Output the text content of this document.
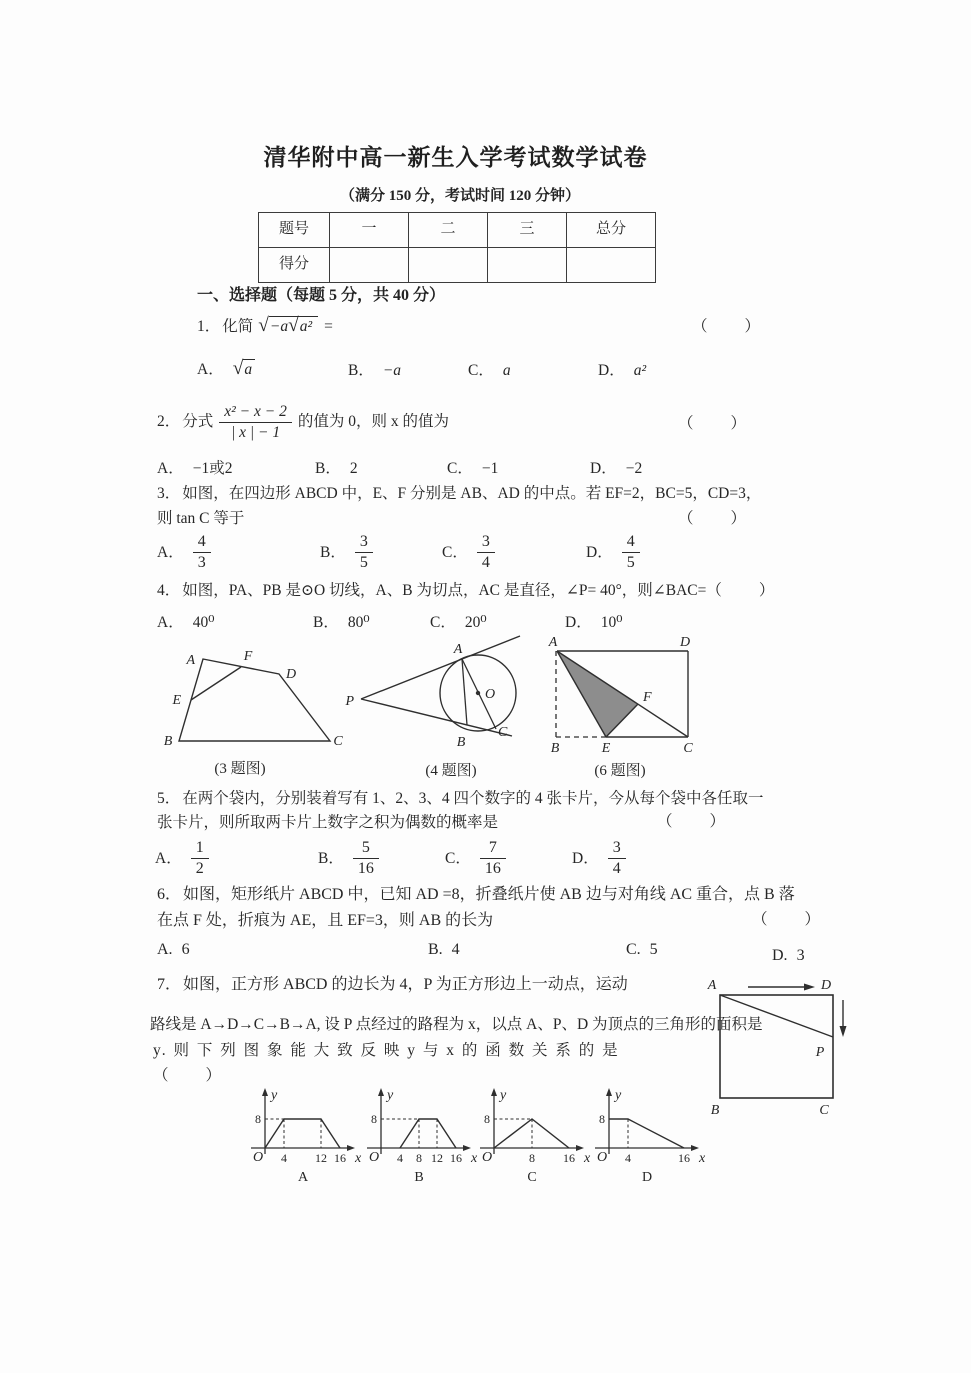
清华附中高一新生入学考试数学试卷
（满分 150 分，考试时间 120 分钟）
题号	一	二	三	总分
得分				
一、选择题（每题 5 分，共 40 分）
1． 化简 √−a√a² =	（　　）
A． √a	B． −a	C． a	D． a²
2． 分式 $\frac{\text{x² − x − 2}}{| x | - 1}$ 的值为 0，则 x 的值为	（　　）
A． −1或2	B． 2	C． −1	D． −2
3． 如图，在四边形 ABCD 中，E、F 分别是 AB、AD 的中点。若 EF=2，BC=5，CD=3，
则 tan C 等于	（　　）
A． $\frac{4}{3}$	B． $\frac{3}{5}$	C． $\frac{3}{4}$	D． $\frac{4}{5}$
4． 如图，PA、PB 是⊙O 切线，A、B 为切点，AC 是直径，∠P= 40°，则∠BAC= （　　）
A． 40⁰	B． 80⁰	C． 20⁰	D． 10⁰
A	F
D
E
B	C
(3 题图)
P
A
B
C
O
(4 题图)
A	D
B	E	C
F
(6 题图)
5． 在两个袋内，分别装着写有 1、2、3、4 四个数字的 4 张卡片，今从每个袋中各任取一
张卡片，则所取两卡片上数字之积为偶数的概率是	（　　）
A． $\frac{1}{2}$	B． $\frac{5}{16}$	C． $\frac{7}{16}$	D． $\frac{3}{4}$
6． 如图，矩形纸片 ABCD 中，已知 AD =8，折叠纸片使 AB 边与对角线 AC 重合，点 B 落
在点 F 处，折痕为 AE，且 EF=3，则 AB 的长为	（　　）
A. 6	B. 4	C. 5	D. 3
7． 如图，正方形 ABCD 的边长为 4，P 为正方形边上一动点，运动
路线是 A→D→C→B→A, 设 P 点经过的路程为 x，以点 A、P、D 为顶点的三角形的面积是
y. 则 下 列 图 象 能 大 致 反 映 y 与 x 的 函 数 关 系 的 是
（　　）
A	D
B	C
P
y
8
O 4 12 16 x
A
y
8
O 4 8 12 16 x
B
y
8
O	8 16 x
C
y
8
O 4	16 x
D
